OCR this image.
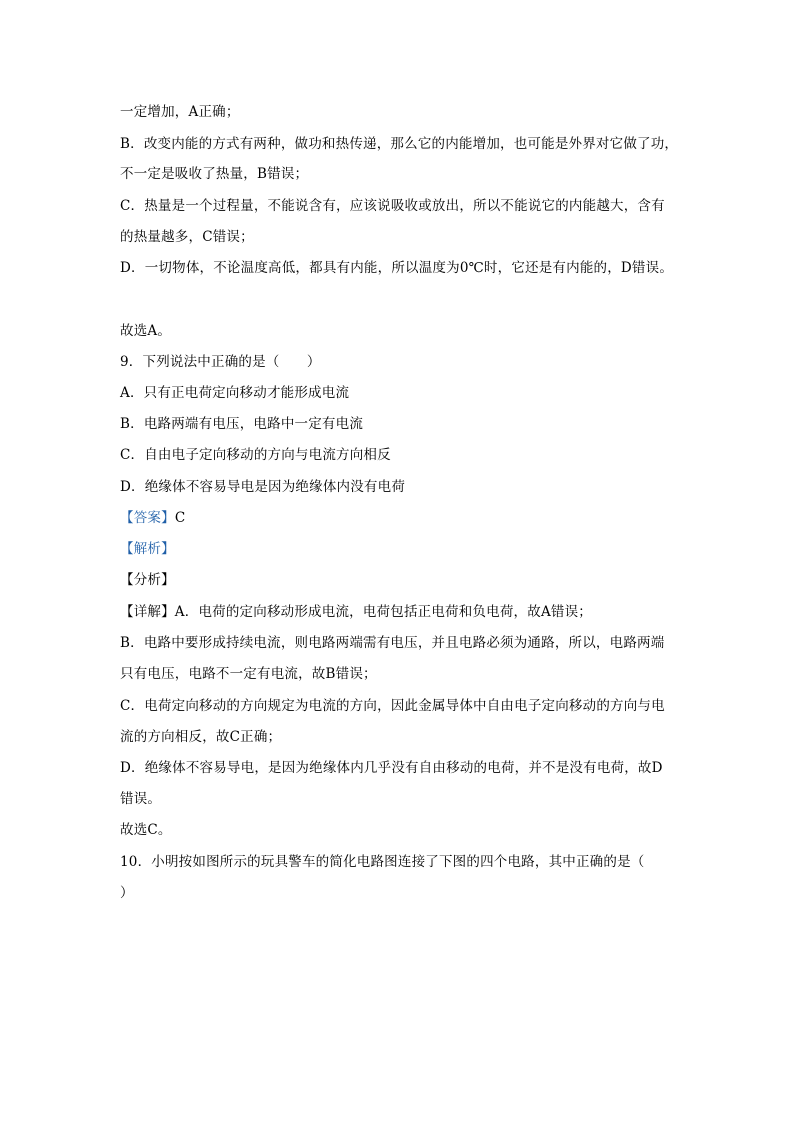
一定增加，A正确；
B．改变内能的方式有两种，做功和热传递，那么它的内能增加，也可能是外界对它做了功，
不一定是吸收了热量，B错误；
C．热量是一个过程量，不能说含有，应该说吸收或放出，所以不能说它的内能越大，含有
的热量越多，C错误；
D．一切物体，不论温度高低，都具有内能，所以温度为0℃时，它还是有内能的，D错误。
故选A。
9．下列说法中正确的是（　　）
A．只有正电荷定向移动才能形成电流
B．电路两端有电压，电路中一定有电流
C．自由电子定向移动的方向与电流方向相反
D．绝缘体不容易导电是因为绝缘体内没有电荷
【答案】C
【解析】
【分析】
【详解】A．电荷的定向移动形成电流，电荷包括正电荷和负电荷，故A错误；
B．电路中要形成持续电流，则电路两端需有电压，并且电路必须为通路，所以，电路两端
只有电压，电路不一定有电流，故B错误；
C．电荷定向移动的方向规定为电流的方向，因此金属导体中自由电子定向移动的方向与电
流的方向相反，故C正确；
D．绝缘体不容易导电，是因为绝缘体内几乎没有自由移动的电荷，并不是没有电荷，故D
错误。
故选C。
10．小明按如图所示的玩具警车的简化电路图连接了下图的四个电路，其中正确的是（
）
